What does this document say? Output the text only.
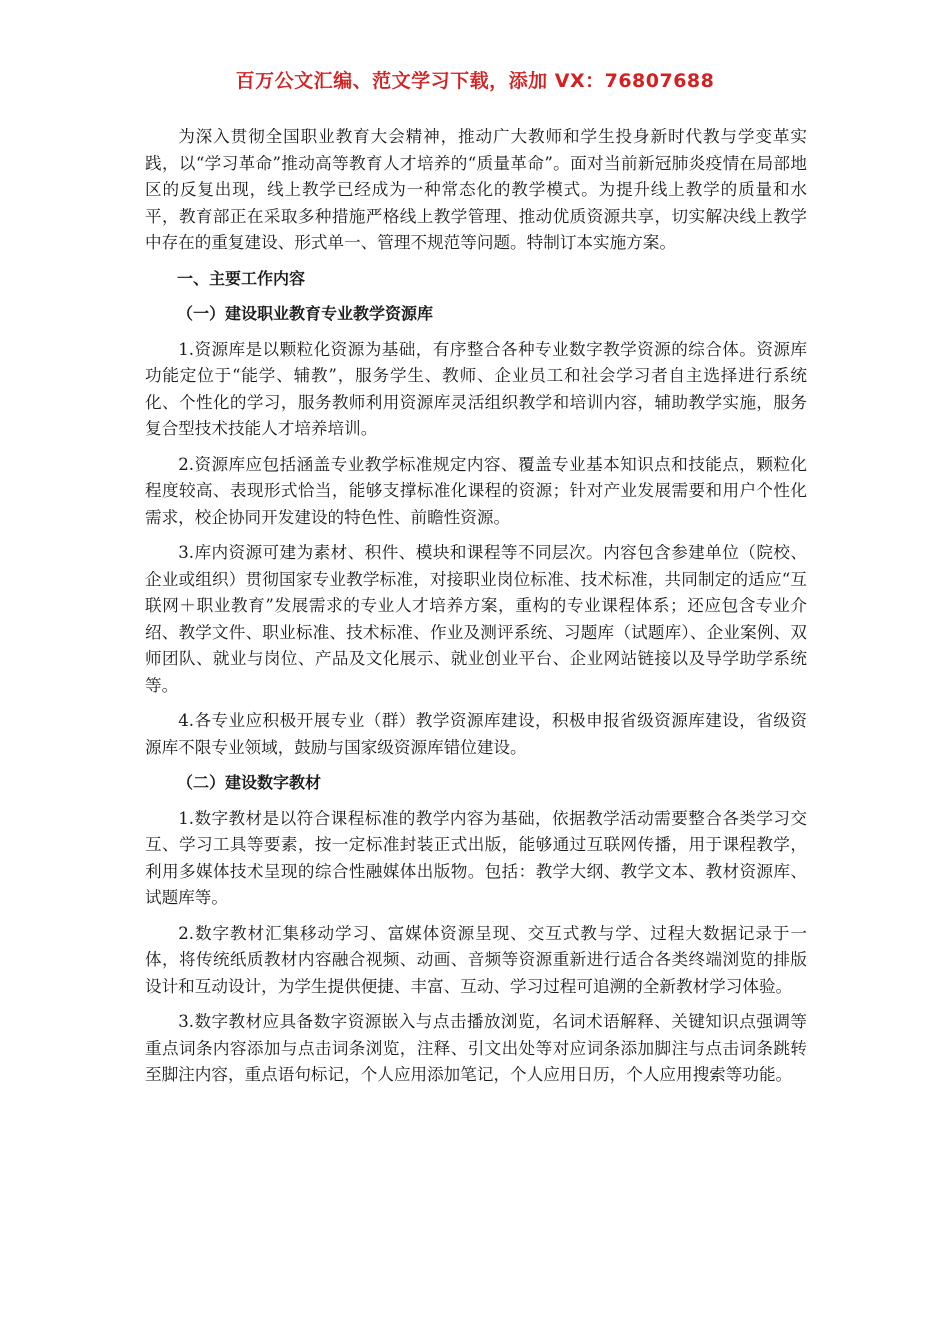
百万公文汇编、范文学习下载，添加 VX：76807688

为深入贯彻全国职业教育大会精神，推动广大教师和学生投身新时代教与学变革实践，以“学习革命”推动高等教育人才培养的“质量革命”。面对当前新冠肺炎疫情在局部地区的反复出现，线上教学已经成为一种常态化的教学模式。为提升线上教学的质量和水平，教育部正在采取多种措施严格线上教学管理、推动优质资源共享，切实解决线上教学中存在的重复建设、形式单一、管理不规范等问题。特制订本实施方案。

一、主要工作内容

（一）建设职业教育专业教学资源库

1.资源库是以颗粒化资源为基础，有序整合各种专业数字教学资源的综合体。资源库功能定位于“能学、辅教”，服务学生、教师、企业员工和社会学习者自主选择进行系统化、个性化的学习，服务教师利用资源库灵活组织教学和培训内容，辅助教学实施，服务复合型技术技能人才培养培训。

2.资源库应包括涵盖专业教学标准规定内容、覆盖专业基本知识点和技能点，颗粒化程度较高、表现形式恰当，能够支撑标准化课程的资源；针对产业发展需要和用户个性化需求，校企协同开发建设的特色性、前瞻性资源。

3.库内资源可建为素材、积件、模块和课程等不同层次。内容包含参建单位（院校、企业或组织）贯彻国家专业教学标准，对接职业岗位标准、技术标准，共同制定的适应“互联网＋职业教育”发展需求的专业人才培养方案，重构的专业课程体系；还应包含专业介绍、教学文件、职业标准、技术标准、作业及测评系统、习题库（试题库）、企业案例、双师团队、就业与岗位、产品及文化展示、就业创业平台、企业网站链接以及导学助学系统等。

4.各专业应积极开展专业（群）教学资源库建设，积极申报省级资源库建设，省级资源库不限专业领域，鼓励与国家级资源库错位建设。

（二）建设数字教材

1.数字教材是以符合课程标准的教学内容为基础，依据教学活动需要整合各类学习交互、学习工具等要素，按一定标准封装正式出版，能够通过互联网传播，用于课程教学，利用多媒体技术呈现的综合性融媒体出版物。包括：教学大纲、教学文本、教材资源库、试题库等。

2.数字教材汇集移动学习、富媒体资源呈现、交互式教与学、过程大数据记录于一体，将传统纸质教材内容融合视频、动画、音频等资源重新进行适合各类终端浏览的排版设计和互动设计，为学生提供便捷、丰富、互动、学习过程可追溯的全新教材学习体验。

3.数字教材应具备数字资源嵌入与点击播放浏览，名词术语解释、关键知识点强调等重点词条内容添加与点击词条浏览，注释、引文出处等对应词条添加脚注与点击词条跳转至脚注内容，重点语句标记，个人应用添加笔记，个人应用日历，个人应用搜索等功能。
